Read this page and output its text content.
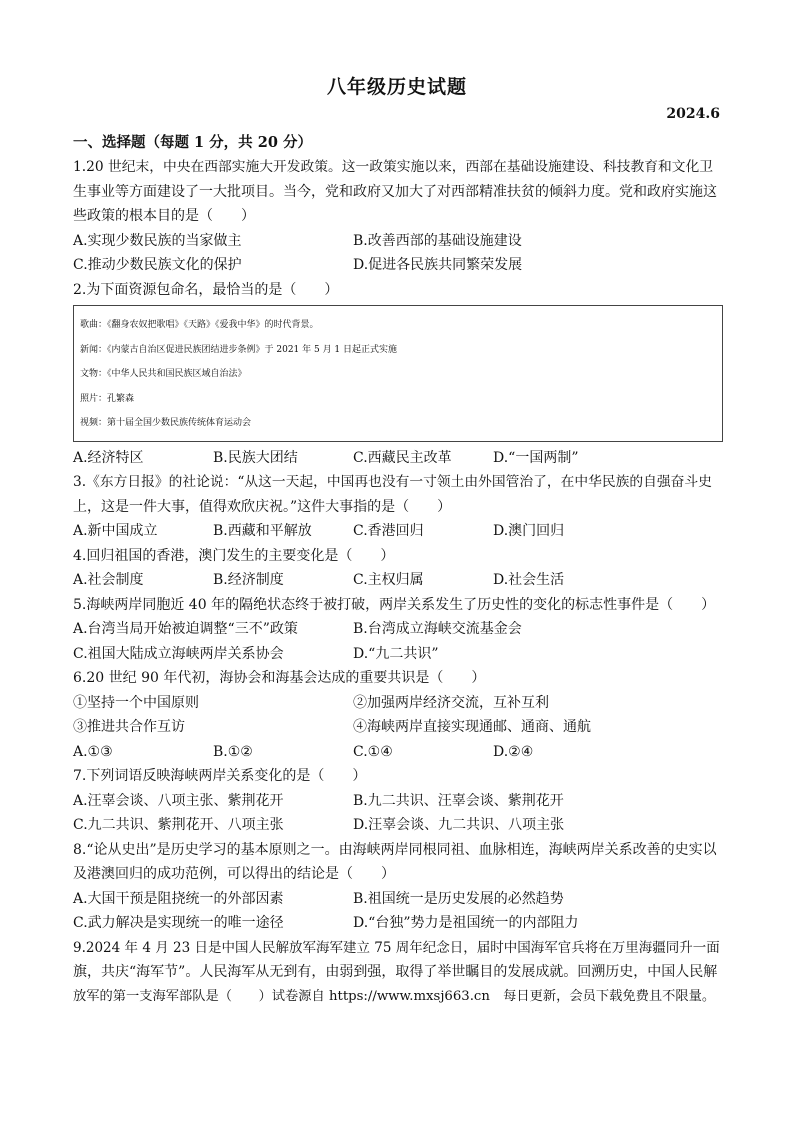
八年级历史试题
2024.6
一、选择题（每题 1 分，共 20 分）

1.20 世纪末，中央在西部实施大开发政策。这一政策实施以来，西部在基础设施建设、科技教育和文化卫

生事业等方面建设了一大批项目。当今，党和政府又加大了对西部精准扶贫的倾斜力度。党和政府实施这

些政策的根本目的是（　　）

A.实现少数民族的当家做主	B.改善西部的基础设施建设
C.推动少数民族文化的保护	D.促进各民族共同繁荣发展

2.为下面资源包命名，最恰当的是（　　）

歌曲：《翻身农奴把歌唱》《天路》《爱我中华》的时代背景。
新闻：《内蒙古自治区促进民族团结进步条例》于 2021 年 5 月 1 日起正式实施
文物：《中华人民共和国民族区域自治法》
照片：孔繁森
视频：第十届全国少数民族传统体育运动会
A.经济特区	B.民族大团结	C.西藏民主改革	D.“一国两制”

3.《东方日报》的社论说：“从这一天起，中国再也没有一寸领土由外国管治了，在中华民族的自强奋斗史

上，这是一件大事，值得欢欣庆祝。”这件大事指的是（　　）

A.新中国成立	B.西藏和平解放	C.香港回归	D.澳门回归

4.回归祖国的香港，澳门发生的主要变化是（　　）

A.社会制度	B.经济制度	C.主权归属	D.社会生活

5.海峡两岸同胞近 40 年的隔绝状态终于被打破，两岸关系发生了历史性的变化的标志性事件是（　　）

A.台湾当局开始被迫调整“三不”政策	B.台湾成立海峡交流基金会
C.祖国大陆成立海峡两岸关系协会	D.“九二共识”

6.20 世纪 90 年代初，海协会和海基会达成的重要共识是（　　）

①坚持一个中国原则	②加强两岸经济交流，互补互利
③推进共合作互访	④海峡两岸直接实现通邮、通商、通航
A.①③	B.①②	C.①④	D.②④

7.下列词语反映海峡两岸关系变化的是（　　）

A.汪辜会谈、八项主张、紫荆花开	B.九二共识、汪辜会谈、紫荆花开
C.九二共识、紫荆花开、八项主张	D.汪辜会谈、九二共识、八项主张

8.“论从史出”是历史学习的基本原则之一。由海峡两岸同根同祖、血脉相连，海峡两岸关系改善的史实以

及港澳回归的成功范例，可以得出的结论是（　　）

A.大国干预是阻挠统一的外部因素	B.祖国统一是历史发展的必然趋势
C.武力解决是实现统一的唯一途径	D.“台独”势力是祖国统一的内部阻力

9.2024 年 4 月 23 日是中国人民解放军海军建立 75 周年纪念日，届时中国海军官兵将在万里海疆同升一面

旗，共庆“海军节”。人民海军从无到有，由弱到强，取得了举世瞩目的发展成就。回溯历史，中国人民解

放军的第一支海军部队是（　　）试卷源自 https://www.mxsj663.cn　每日更新，会员下载免费且不限量。
